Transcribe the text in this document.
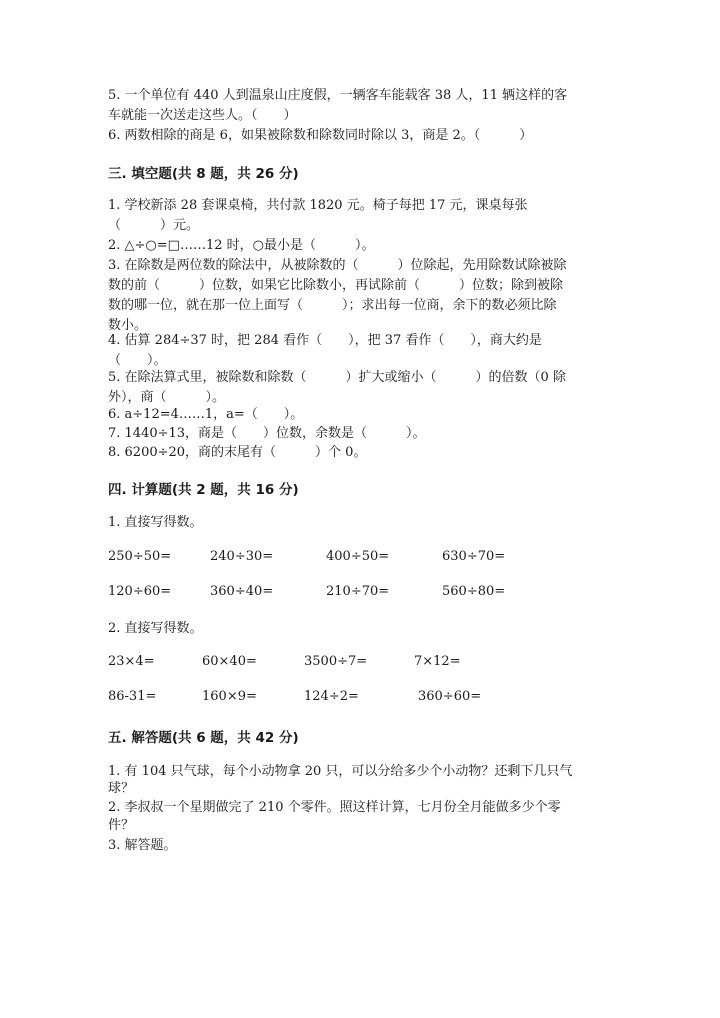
5. 一个单位有 440 人到温泉山庄度假，一辆客车能载客 38 人，11 辆这样的客
车就能一次送走这些人。（　　）
6. 两数相除的商是 6，如果被除数和除数同时除以 3，商是 2。（　　　）
三. 填空题(共 8 题，共 26 分)
1. 学校新添 28 套课桌椅，共付款 1820 元。椅子每把 17 元，课桌每张
（　　　）元。
2. △÷○=□……12 时，○最小是（　　　）。
3. 在除数是两位数的除法中，从被除数的（　　　）位除起，先用除数试除被除
数的前（　　　）位数，如果它比除数小，再试除前（　　　）位数；除到被除
数的哪一位，就在那一位上面写（　　　）；求出每一位商，余下的数必须比除
数小。
4. 估算 284÷37 时，把 284 看作（　　），把 37 看作（　　），商大约是
（　　）。
5. 在除法算式里，被除数和除数（　　　）扩大或缩小（　　　）的倍数（0 除
外），商（　　　）。
6. a÷12=4……1，a=（　　）。
7. 1440÷13，商是（　　）位数，余数是（　　　）。
8. 6200÷20，商的末尾有（　　　）个 0。
四. 计算题(共 2 题，共 16 分)
1. 直接写得数。
250÷50=	240÷30=	400÷50=	630÷70=
120÷60=	360÷40=	210÷70=	560÷80=
2. 直接写得数。
23×4=	60×40=	3500÷7=	7×12=
86-31=	160×9=	124÷2=	360÷60=
五. 解答题(共 6 题，共 42 分)
1. 有 104 只气球，每个小动物拿 20 只，可以分给多少个小动物？还剩下几只气
球？
2. 李叔叔一个星期做完了 210 个零件。照这样计算，七月份全月能做多少个零
件？
3. 解答题。
